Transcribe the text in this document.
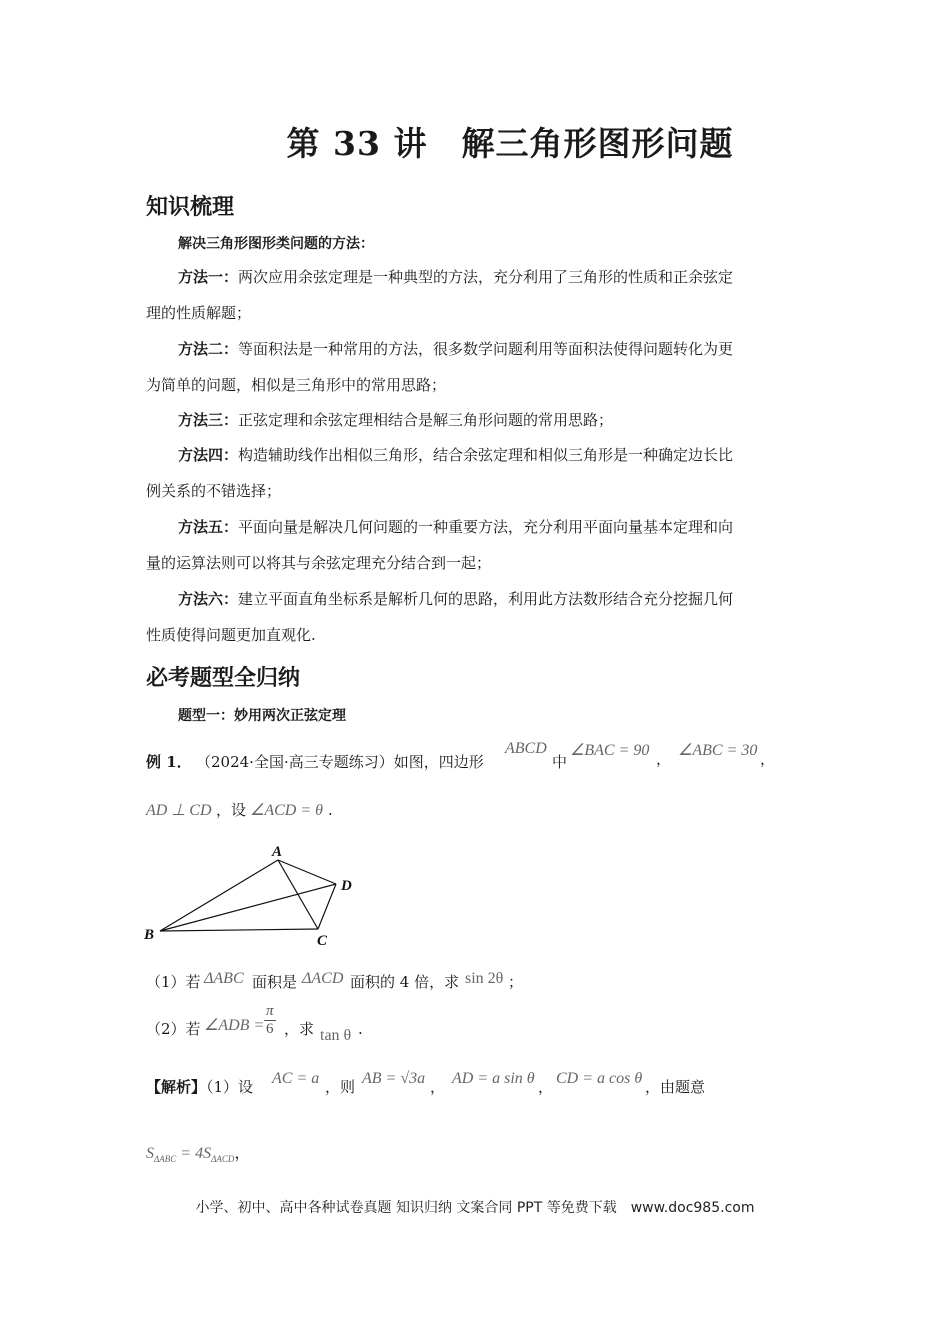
第 33 讲　解三角形图形问题
知识梳理
解决三角形图形类问题的方法：
方法一：两次应用余弦定理是一种典型的方法，充分利用了三角形的性质和正余弦定
理的性质解题；
方法二：等面积法是一种常用的方法，很多数学问题利用等面积法使得问题转化为更
为简单的问题，相似是三角形中的常用思路；
方法三：正弦定理和余弦定理相结合是解三角形问题的常用思路；
方法四：构造辅助线作出相似三角形，结合余弦定理和相似三角形是一种确定边长比
例关系的不错选择；
方法五：平面向量是解决几何问题的一种重要方法，充分利用平面向量基本定理和向
量的运算法则可以将其与余弦定理充分结合到一起；
方法六：建立平面直角坐标系是解析几何的思路，利用此方法数形结合充分挖掘几何
性质使得问题更加直观化.
必考题型全归纳
题型一：妙用两次正弦定理
例 1． （2024·全国·高三专题练习）如图，四边形
ABCD
中
∠BAC = 90 ， ∠ABC = 30 ，
AD ⊥ CD ，设 ∠ACD = θ .
A
D
B	C
（1）若 ΔABC 面积是 ΔACD 面积的 4 倍，求 sin 2θ ；
（2）若 ∠ADB = $\frac{\pi}{6}$ ，求 tan θ .
【解析】（1）设 AC = a ，则 AB = √3a ， AD = a sin θ ， CD = a cos θ ，由题意
$S_{\Delta ABC} = 4S_{\Delta ACD}$，
小学、初中、高中各种试卷真题 知识归纳 文案合同 PPT 等免费下载　www.doc985.com
